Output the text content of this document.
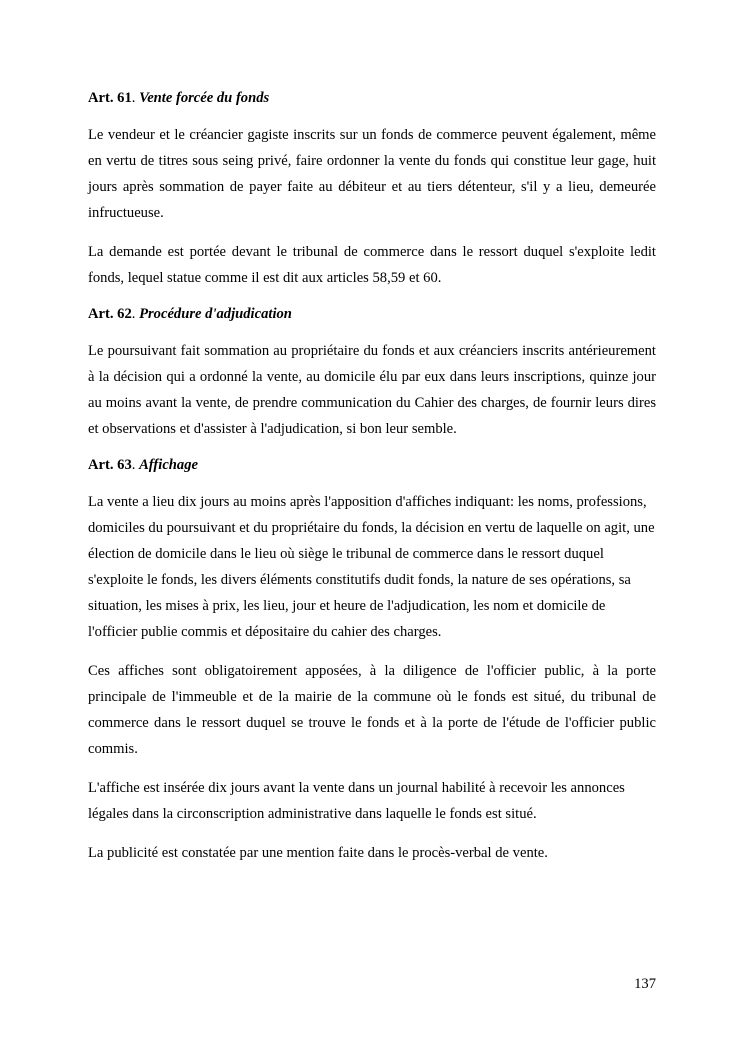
Art. 61. Vente forcée du fonds

Le vendeur et le créancier gagiste inscrits sur un fonds de commerce peuvent également, même en vertu de titres sous seing privé, faire ordonner la vente du fonds qui constitue leur gage, huit jours après sommation de payer faite au débiteur et au tiers détenteur, s'il y a lieu, demeurée infructueuse.

La demande est portée devant le tribunal de commerce dans le ressort duquel s'exploite ledit fonds, lequel statue comme il est dit aux articles 58,59 et 60.

Art. 62. Procédure d'adjudication

Le poursuivant fait sommation au propriétaire du fonds et aux créanciers inscrits antérieurement à la décision qui a ordonné la vente, au domicile élu par eux dans leurs inscriptions, quinze jour au moins avant la vente, de prendre communication du Cahier des charges, de fournir leurs dires et observations et d'assister à l'adjudication, si bon leur semble.

Art. 63. Affichage

La vente a lieu dix jours au moins après l'apposition d'affiches indiquant: les noms, professions, domiciles du poursuivant et du propriétaire du fonds, la décision en vertu de laquelle on agit, une élection de domicile dans le lieu où siège le tribunal de commerce dans le ressort duquel s'exploite le fonds, les divers éléments constitutifs dudit fonds, la nature de ses opérations, sa situation, les mises à prix, les lieu, jour et heure de l'adjudication, les nom et domicile de l'officier publie commis et dépositaire du cahier des charges.

Ces affiches sont obligatoirement apposées, à la diligence de l'officier public, à la porte principale de l'immeuble et de la mairie de la commune où le fonds est situé, du tribunal de commerce dans le ressort duquel se trouve le fonds et à la porte de l'étude de l'officier public commis.

L'affiche est insérée dix jours avant la vente dans un journal habilité à recevoir les annonces légales dans la circonscription administrative dans laquelle le fonds est situé.

La publicité est constatée par une mention faite dans le procès-verbal de vente.

137
